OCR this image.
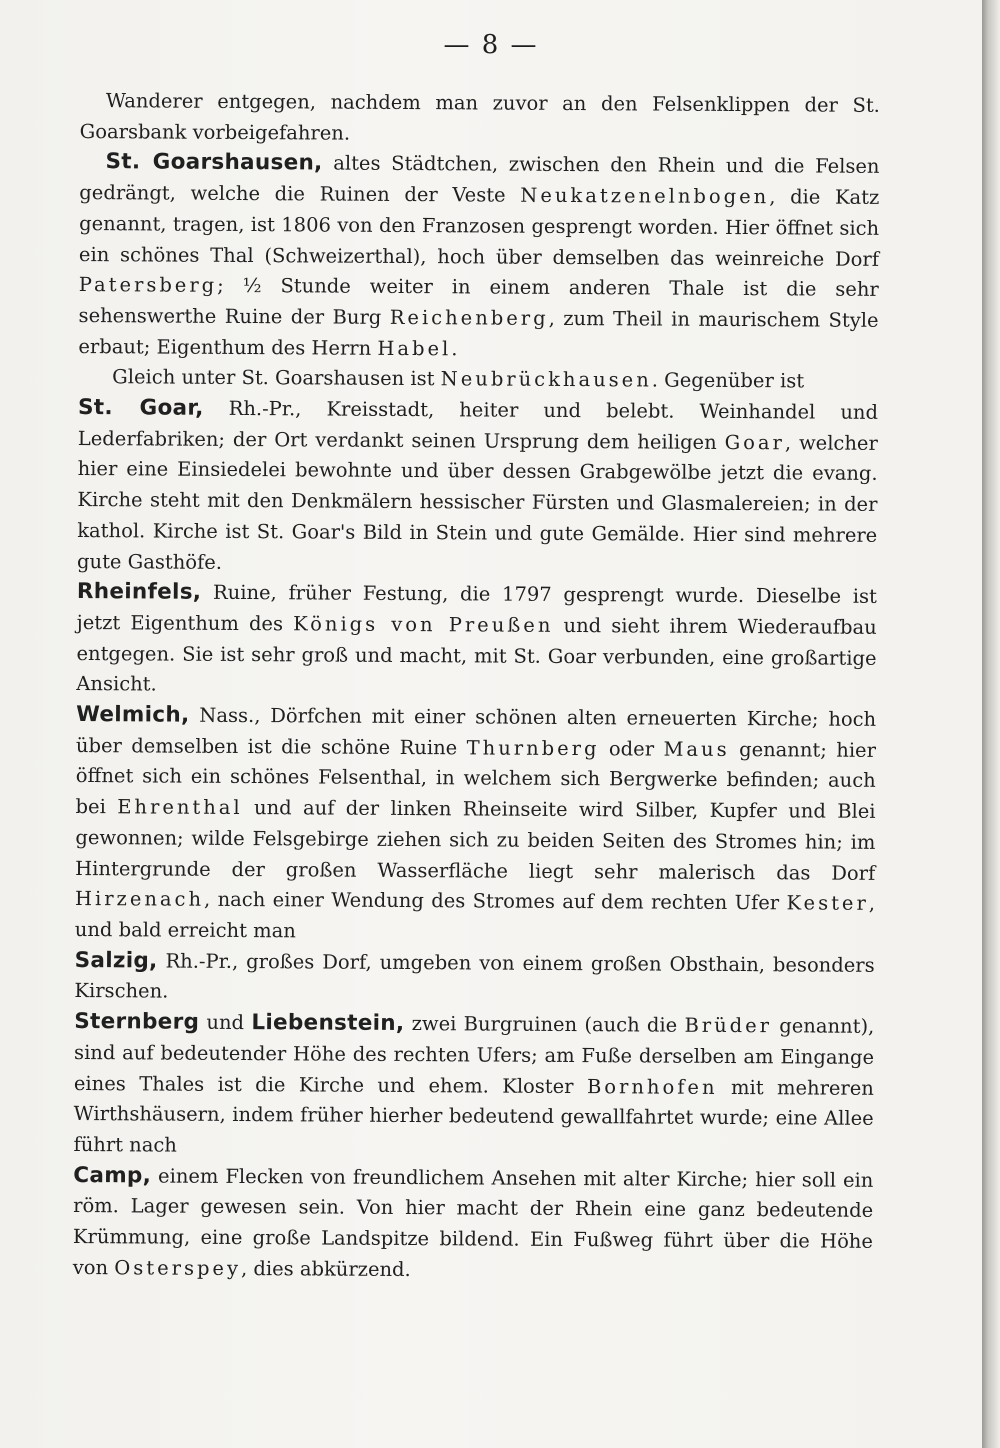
— 8 —

Wanderer entgegen, nachdem man zuvor an den Felsenklippen der St. Goarsbank vorbeigefahren.

St. Goarshausen, altes Städtchen, zwischen den Rhein und die Felsen gedrängt, welche die Ruinen der Veste Neukatzenelnbogen, die Katz genannt, tragen, ist 1806 von den Franzosen gesprengt worden. Hier öffnet sich ein schönes Thal (Schweizerthal), hoch über demselben das weinreiche Dorf Patersberg; ½ Stunde weiter in einem anderen Thale ist die sehr sehenswerthe Ruine der Burg Reichenberg, zum Theil in maurischem Style erbaut; Eigenthum des Herrn Habel.

Gleich unter St. Goarshausen ist Neubrückhausen. Gegenüber ist

St. Goar, Rh.-Pr., Kreisstadt, heiter und belebt. Weinhandel und Lederfabriken; der Ort verdankt seinen Ursprung dem heiligen Goar, welcher hier eine Einsiedelei bewohnte und über dessen Grabgewölbe jetzt die evang. Kirche steht mit den Denkmälern hessischer Fürsten und Glasmalereien; in der kathol. Kirche ist St. Goar's Bild in Stein und gute Gemälde. Hier sind mehrere gute Gasthöfe.

Rheinfels, Ruine, früher Festung, die 1797 gesprengt wurde. Dieselbe ist jetzt Eigenthum des Königs von Preußen und sieht ihrem Wiederaufbau entgegen. Sie ist sehr groß und macht, mit St. Goar verbunden, eine großartige Ansicht.

Welmich, Nass., Dörfchen mit einer schönen alten erneuerten Kirche; hoch über demselben ist die schöne Ruine Thurnberg oder Maus genannt; hier öffnet sich ein schönes Felsenthal, in welchem sich Bergwerke befinden; auch bei Ehrenthal und auf der linken Rheinseite wird Silber, Kupfer und Blei gewonnen; wilde Felsgebirge ziehen sich zu beiden Seiten des Stromes hin; im Hintergrunde der großen Wasserfläche liegt sehr malerisch das Dorf Hirzenach, nach einer Wendung des Stromes auf dem rechten Ufer Kester, und bald erreicht man

Salzig, Rh.-Pr., großes Dorf, umgeben von einem großen Obsthain, besonders Kirschen.

Sternberg und Liebenstein, zwei Burgruinen (auch die Brüder genannt), sind auf bedeutender Höhe des rechten Ufers; am Fuße derselben am Eingange eines Thales ist die Kirche und ehem. Kloster Bornhofen mit mehreren Wirthshäusern, indem früher hierher bedeutend gewallfahrtet wurde; eine Allee führt nach

Camp, einem Flecken von freundlichem Ansehen mit alter Kirche; hier soll ein röm. Lager gewesen sein. Von hier macht der Rhein eine ganz bedeutende Krümmung, eine große Landspitze bildend. Ein Fußweg führt über die Höhe von Osterspey, dies abkürzend.
